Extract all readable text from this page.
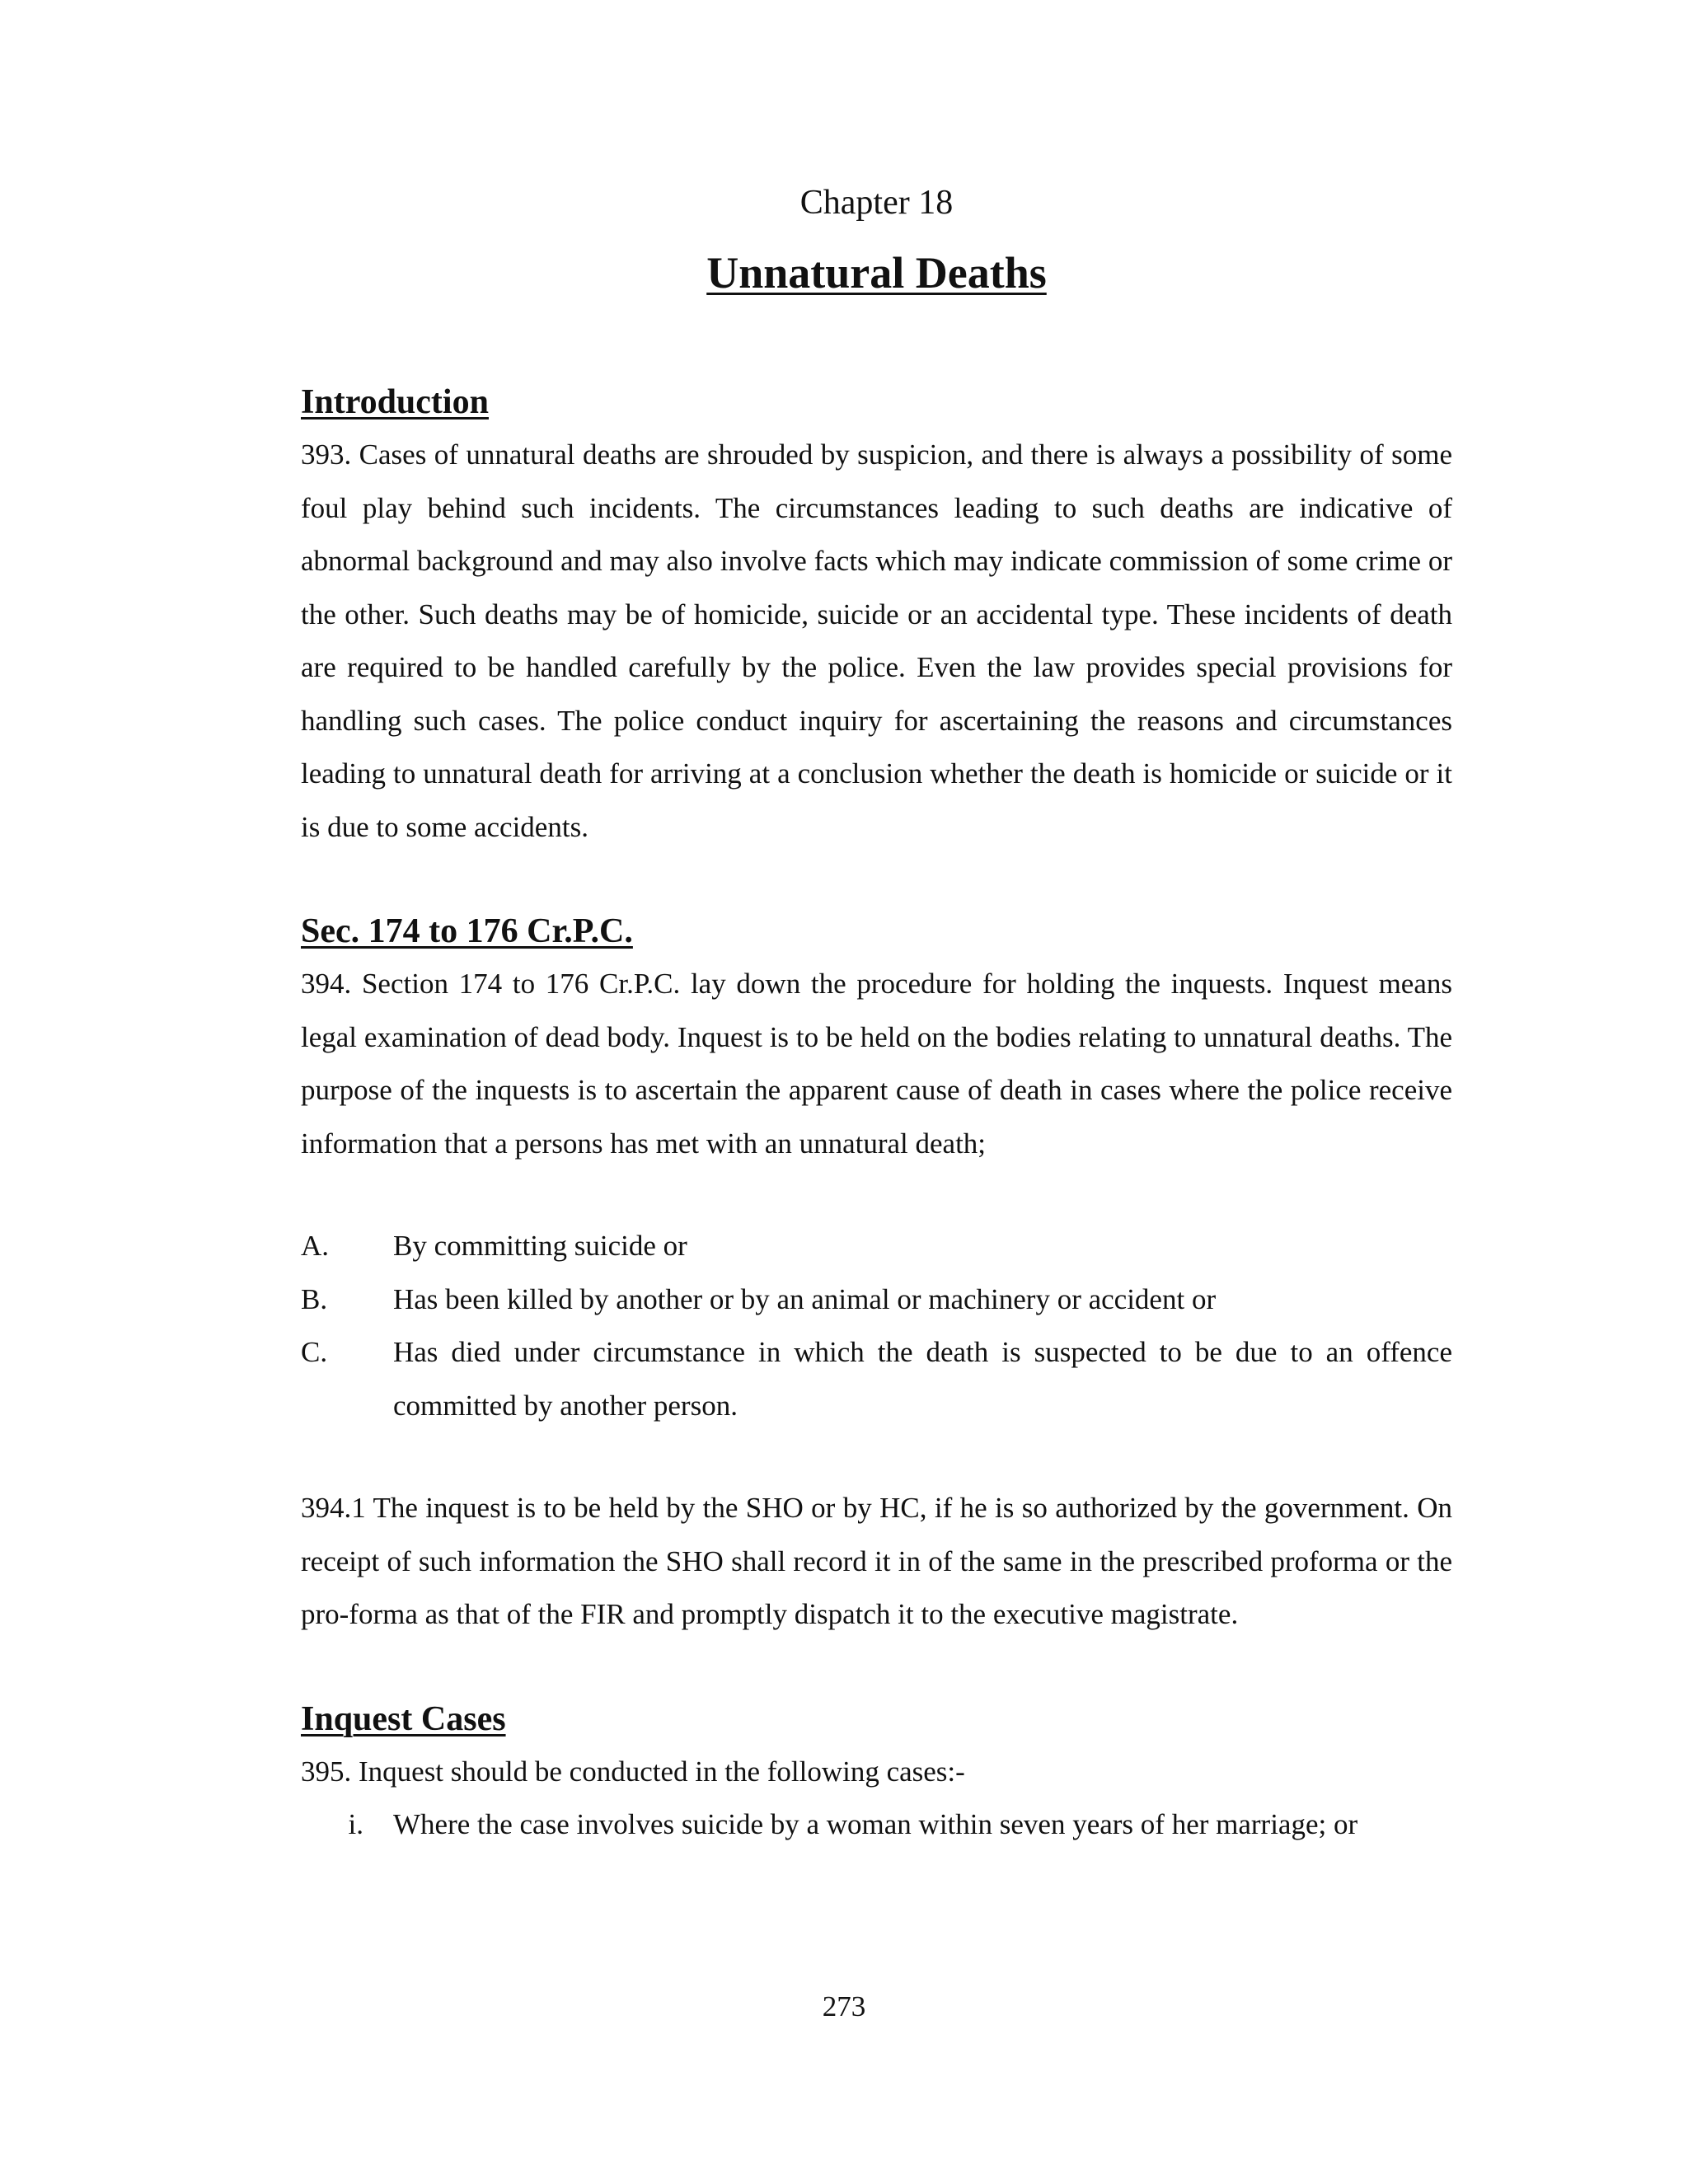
Chapter 18

Unnatural Deaths
Introduction

393. Cases of unnatural deaths are shrouded by suspicion, and there is always a possibility of some foul play behind such incidents. The circumstances leading to such deaths are indicative of abnormal background and may also involve facts which may indicate commission of some crime or the other. Such deaths may be of homicide, suicide or an accidental type. These incidents of death are required to be handled carefully by the police. Even the law provides special provisions for handling such cases. The police conduct inquiry for ascertaining the reasons and circumstances leading to unnatural death for arriving at a conclusion whether the death is homicide or suicide or it is due to some accidents.

Sec. 174 to 176 Cr.P.C.

394. Section 174 to 176 Cr.P.C. lay down the procedure for holding the inquests. Inquest means legal examination of dead body. Inquest is to be held on the bodies relating to unnatural deaths. The purpose of the inquests is to ascertain the apparent cause of death in cases where the police receive information that a persons has met with an unnatural death;

A.	By committing suicide or
B.	Has been killed by another or by an animal or machinery or accident or
C.	Has died under circumstance in which the death is suspected to be due to an offence committed by another person.

394.1 The inquest is to be held by the SHO or by HC, if he is so authorized by the government. On receipt of such information the SHO shall record it in of the same in the prescribed proforma or the pro-forma as that of the FIR and promptly dispatch it to the executive magistrate.

Inquest Cases

395. Inquest should be conducted in the following cases:-

i.	Where the case involves suicide by a woman within seven years of her marriage; or
273
